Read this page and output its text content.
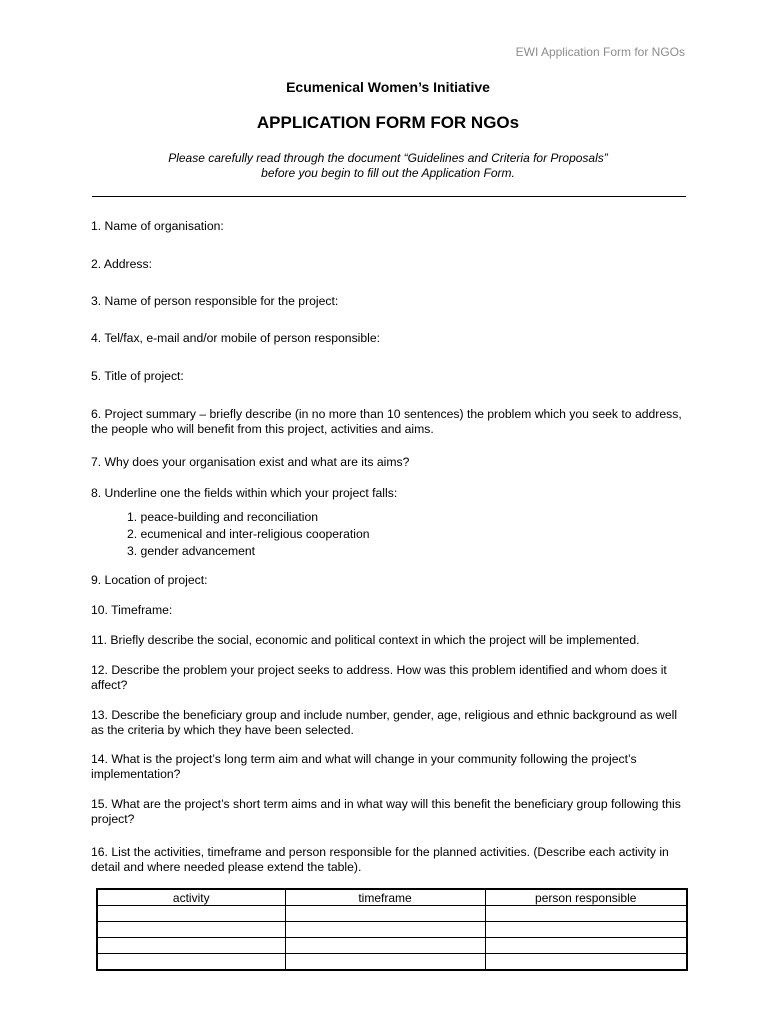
EWI Application Form for NGOs
Ecumenical Women’s Initiative
APPLICATION FORM FOR NGOs
Please carefully read through the document “Guidelines and Criteria for Proposals”
before you begin to fill out the Application Form.
1. Name of organisation:
2. Address:
3. Name of person responsible for the project:
4. Tel/fax, e-mail and/or mobile of person responsible:
5. Title of project:
6. Project summary – briefly describe (in no more than 10 sentences) the problem which you seek to address, the people who will benefit from this project, activities and aims.
7. Why does your organisation exist and what are its aims?
8. Underline one the fields within which your project falls:
1. peace-building and reconciliation
2. ecumenical and inter-religious cooperation
3. gender advancement
9. Location of project:
10. Timeframe:
11. Briefly describe the social, economic and political context in which the project will be implemented.
12. Describe the problem your project seeks to address. How was this problem identified and whom does it affect?
13. Describe the beneficiary group and include number, gender, age, religious and ethnic background as well as the criteria by which they have been selected.
14. What is the project’s long term aim and what will change in your community following the project’s implementation?
15. What are the project’s short term aims and in what way will this benefit the beneficiary group following this project?
16. List the activities, timeframe and person responsible for the planned activities. (Describe each activity in detail and where needed please extend the table).
activity	timeframe	person responsible
